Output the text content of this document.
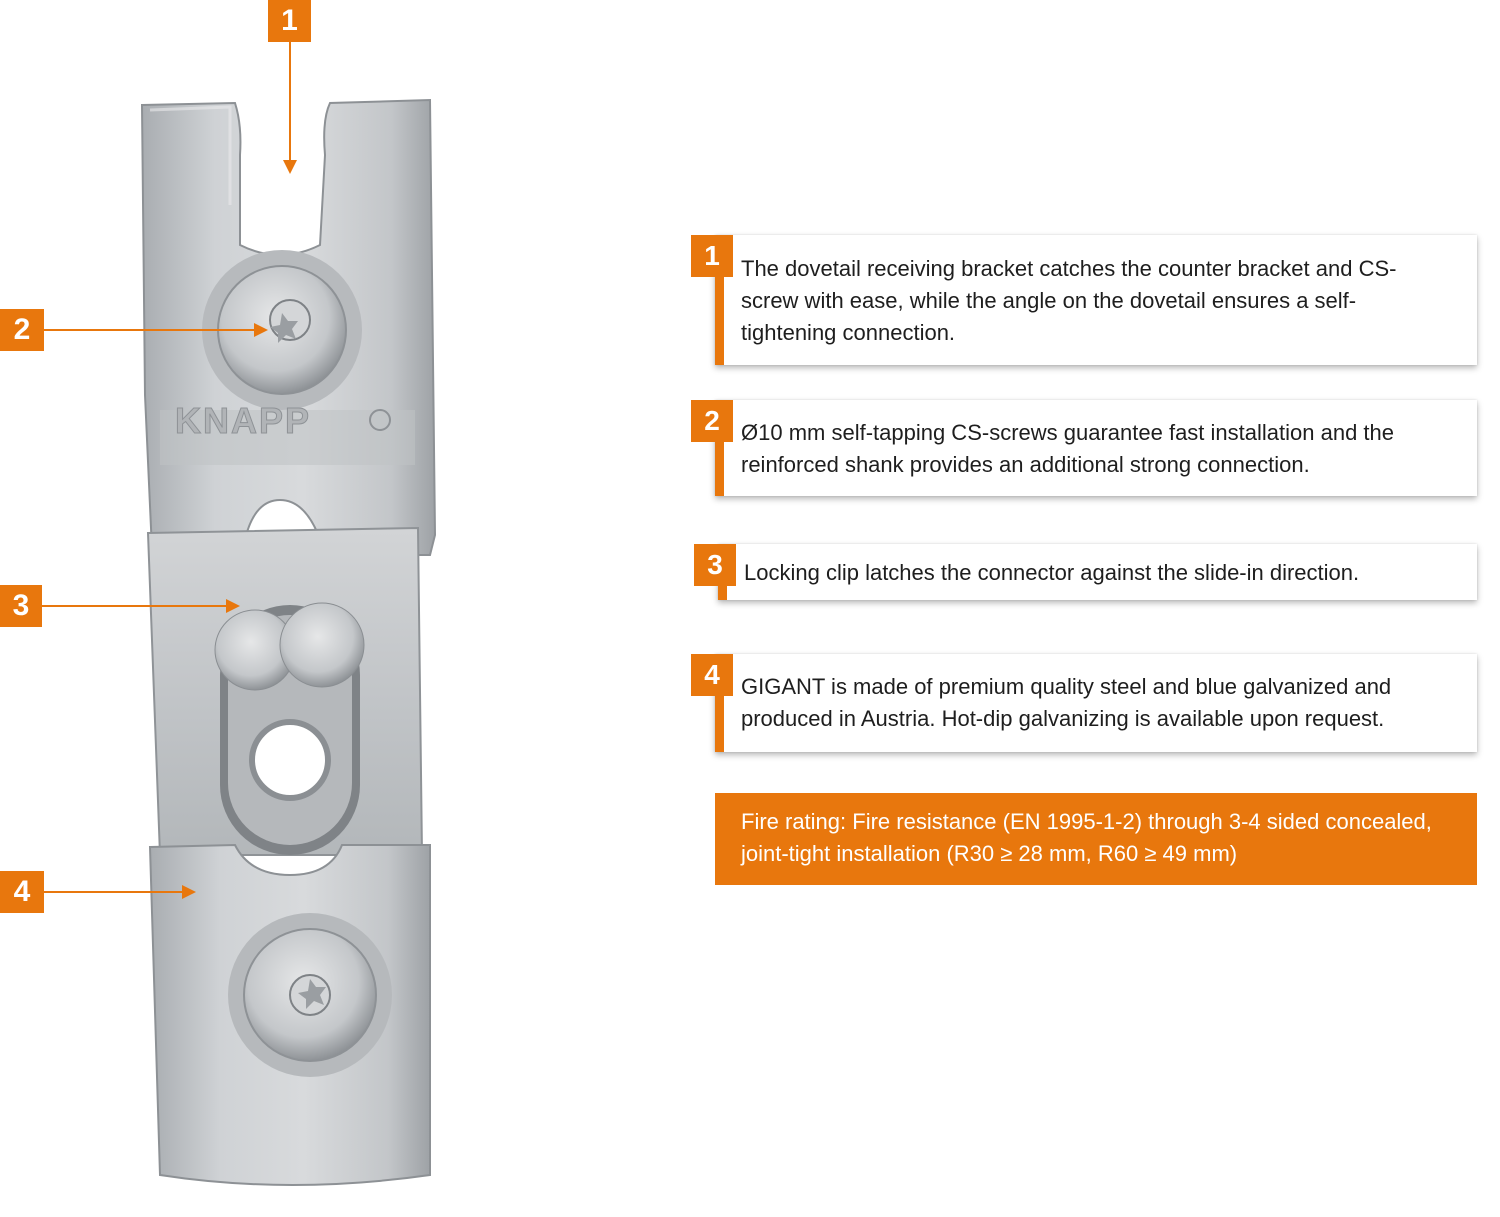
KNAPP
1
2
3
4
1 The dovetail receiving bracket catches the counter bracket and CS-screw with ease, while the angle on the dovetail ensures a self-tightening connection.
2 Ø10 mm self-tapping CS-screws guarantee fast installation and the reinforced shank provides an additional strong connection.
3 Locking clip latches the connector against the slide-in direction.
4 GIGANT is made of premium quality steel and blue galvanized and produced in Austria. Hot-dip galvanizing is available upon request.
Fire rating: Fire resistance (EN 1995-1-2) through 3-4 sided concealed, joint-tight installation (R30 ≥ 28 mm, R60 ≥ 49 mm)
